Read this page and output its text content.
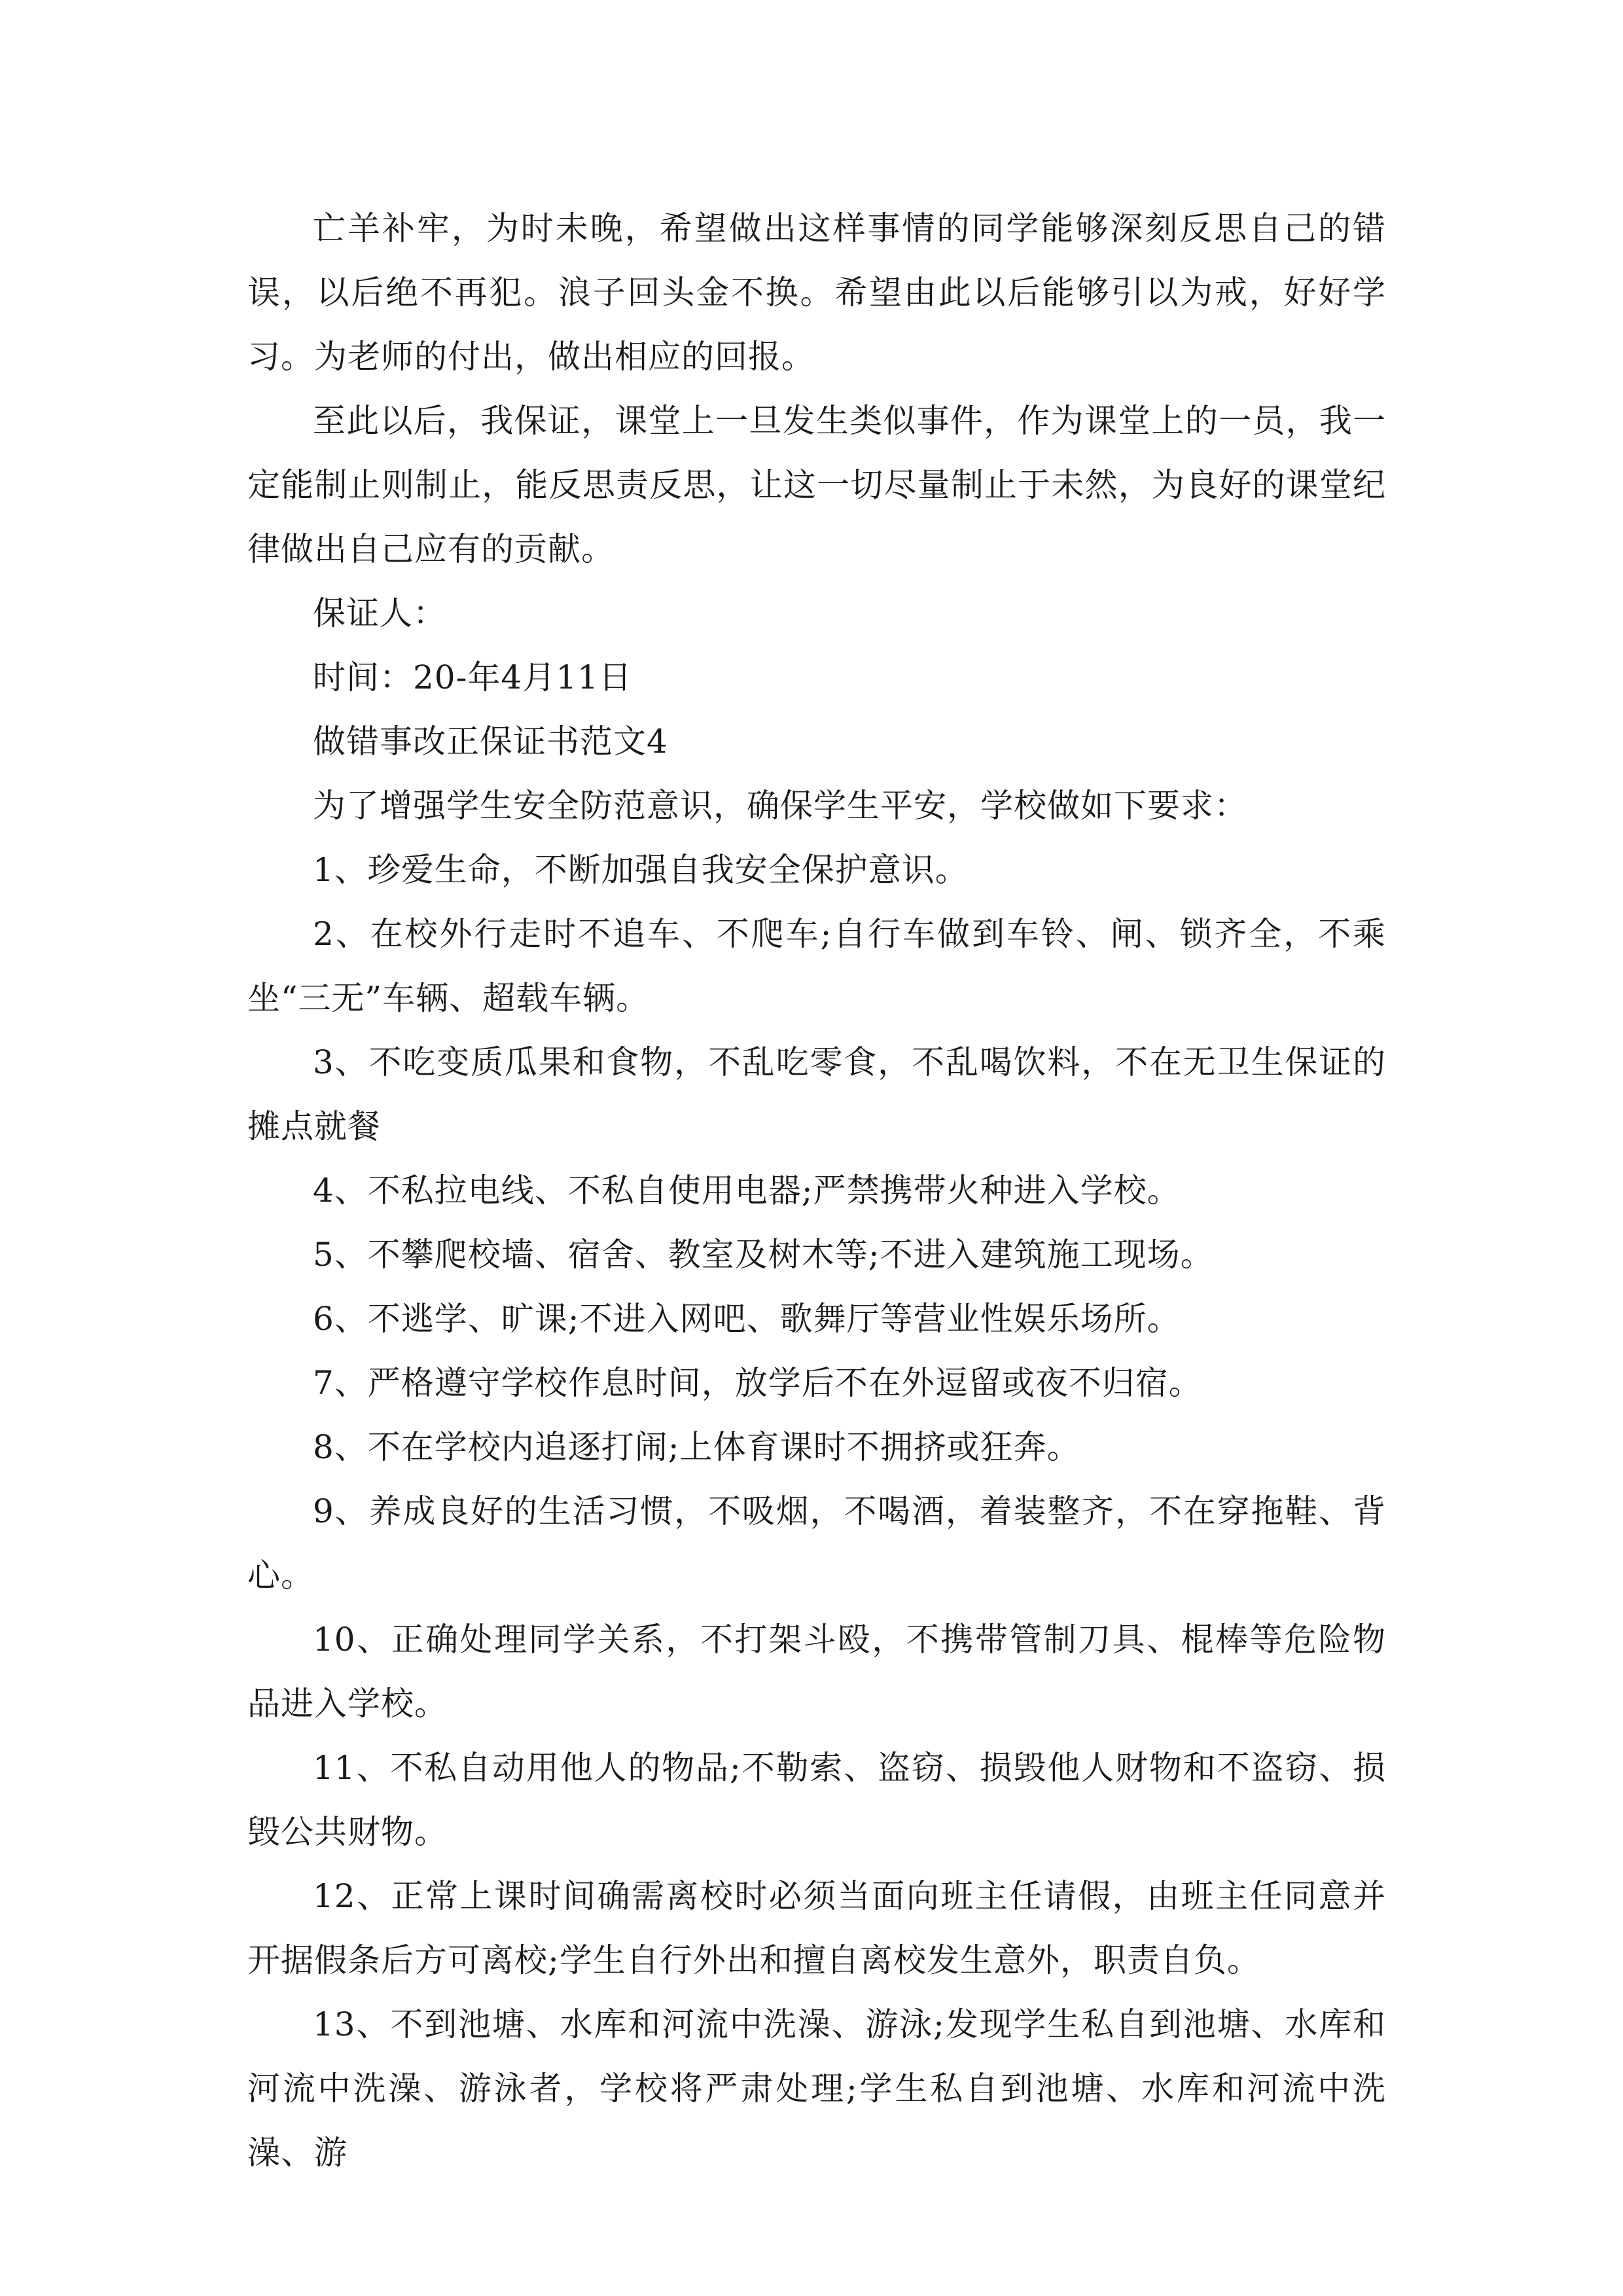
亡羊补牢，为时未晚，希望做出这样事情的同学能够深刻反思自己的错误，以后绝不再犯。浪子回头金不换。希望由此以后能够引以为戒，好好学习。为老师的付出，做出相应的回报。

至此以后，我保证，课堂上一旦发生类似事件，作为课堂上的一员，我一定能制止则制止，能反思责反思，让这一切尽量制止于未然，为良好的课堂纪律做出自己应有的贡献。

保证人：

时间：20-年4月11日

做错事改正保证书范文4

为了增强学生安全防范意识，确保学生平安，学校做如下要求：

1、珍爱生命，不断加强自我安全保护意识。

2、在校外行走时不追车、不爬车;自行车做到车铃、闸、锁齐全，不乘坐“三无”车辆、超载车辆。

3、不吃变质瓜果和食物，不乱吃零食，不乱喝饮料，不在无卫生保证的摊点就餐

4、不私拉电线、不私自使用电器;严禁携带火种进入学校。

5、不攀爬校墙、宿舍、教室及树木等;不进入建筑施工现场。

6、不逃学、旷课;不进入网吧、歌舞厅等营业性娱乐场所。

7、严格遵守学校作息时间，放学后不在外逗留或夜不归宿。

8、不在学校内追逐打闹;上体育课时不拥挤或狂奔。

9、养成良好的生活习惯，不吸烟，不喝酒，着装整齐，不在穿拖鞋、背心。

10、正确处理同学关系，不打架斗殴，不携带管制刀具、棍棒等危险物品进入学校。

11、不私自动用他人的物品;不勒索、盗窃、损毁他人财物和不盗窃、损毁公共财物。

12、正常上课时间确需离校时必须当面向班主任请假，由班主任同意并开据假条后方可离校;学生自行外出和擅自离校发生意外，职责自负。

13、不到池塘、水库和河流中洗澡、游泳;发现学生私自到池塘、水库和河流中洗澡、游泳者，学校将严肃处理;学生私自到池塘、水库和河流中洗澡、游
